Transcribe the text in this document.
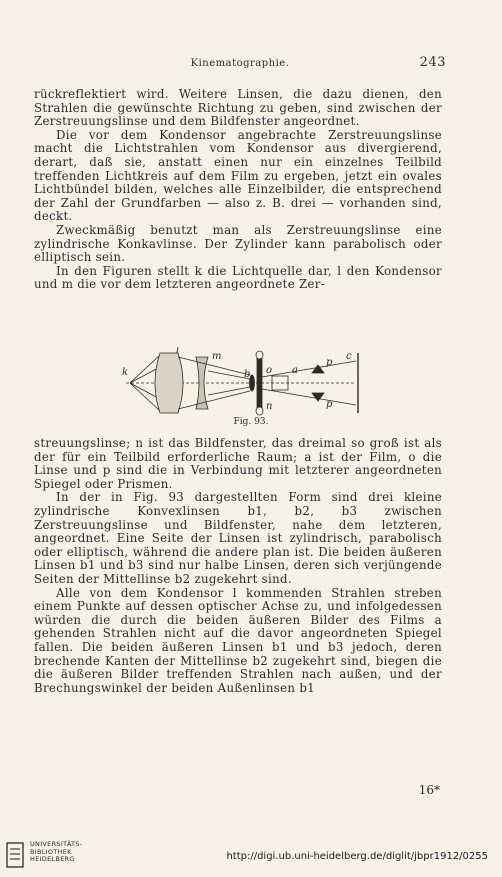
Kinematographie.	243

rückreflektiert wird. Weitere Linsen, die dazu dienen, den Strahlen die gewünschte Richtung zu geben, sind zwischen der Zerstreuungslinse und dem Bildfenster angeordnet.

Die vor dem Kondensor angebrachte Zerstreuungslinse macht die Lichtstrahlen vom Kondensor aus divergierend, derart, daß sie, anstatt einen nur ein einzelnes Teilbild treffenden Lichtkreis auf dem Film zu ergeben, jetzt ein ovales Lichtbündel bilden, welches alle Einzelbilder, die entsprechend der Zahl der Grundfarben — also z. B. drei — vorhanden sind, deckt.

Zweckmäßig benutzt man als Zerstreuungslinse eine zylindrische Konkavlinse. Der Zylinder kann parabolisch oder elliptisch sein.

In den Figuren stellt k die Lichtquelle dar, l den Kondensor und m die vor dem letzteren angeordnete Zer-

k
l
m
b o a
p
p
c
n
Fig. 93.

streuungslinse; n ist das Bildfenster, das dreimal so groß ist als der für ein Teilbild erforderliche Raum; a ist der Film, o die Linse und p sind die in Verbindung mit letzterer angeordneten Spiegel oder Prismen.

In der in Fig. 93 dargestellten Form sind drei kleine zylindrische Konvexlinsen b1, b2, b3 zwischen Zerstreuungslinse und Bildfenster, nahe dem letzteren, angeordnet. Eine Seite der Linsen ist zylindrisch, parabolisch oder elliptisch, während die andere plan ist. Die beiden äußeren Linsen b1 und b3 sind nur halbe Linsen, deren sich verjüngende Seiten der Mittellinse b2 zugekehrt sind.

Alle von dem Kondensor l kommenden Strahlen streben einem Punkte auf dessen optischer Achse zu, und infolgedessen würden die durch die beiden äußeren Bilder des Films a gehenden Strahlen nicht auf die davor angeordneten Spiegel fallen. Die beiden äußeren Linsen b1 und b3 jedoch, deren brechende Kanten der Mittellinse b2 zugekehrt sind, biegen die die äußeren Bilder treffenden Strahlen nach außen, und der Brechungswinkel der beiden Außenlinsen b1

16*
UNIVERSITÄTS-
BIBLIOTHEK
HEIDELBERG	http://digi.ub.uni-heidelberg.de/diglit/jbpr1912/0255
